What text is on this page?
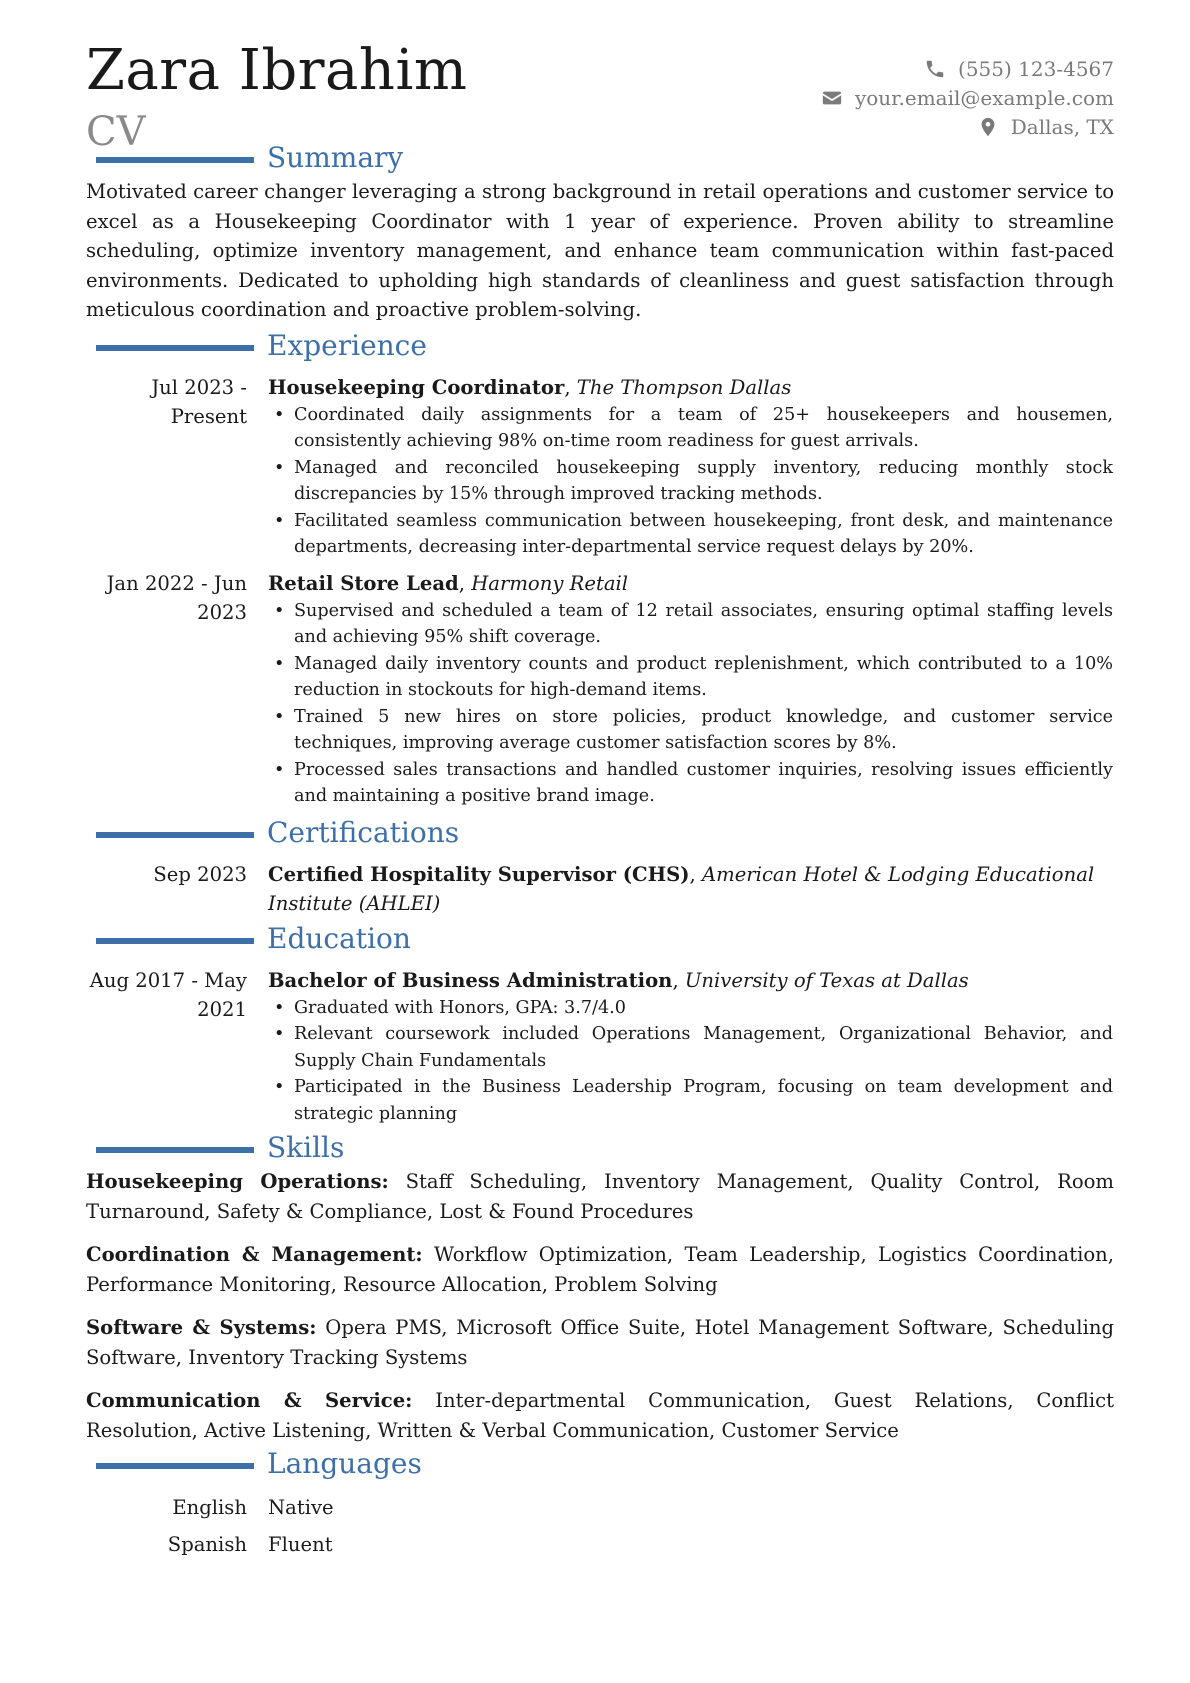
Zara Ibrahim
CV
(555) 123-4567
your.email@example.com
Dallas, TX
Summary

Motivated career changer leveraging a strong background in retail operations and customer service to excel as a Housekeeping Coordinator with 1 year of experience. Proven ability to streamline scheduling, optimize inventory management, and enhance team communication within fast-paced environments. Dedicated to upholding high standards of cleanliness and guest satisfaction through meticulous coordination and proactive problem-solving.

Experience
Jul 2023 - Present
Housekeeping Coordinator, The Thompson Dallas
• Coordinated daily assignments for a team of 25+ housekeepers and housemen, consistently achieving 98% on-time room readiness for guest arrivals.
• Managed and reconciled housekeeping supply inventory, reducing monthly stock discrepancies by 15% through improved tracking methods.
• Facilitated seamless communication between housekeeping, front desk, and maintenance departments, decreasing inter-departmental service request delays by 20%.
Jan 2022 - Jun 2023
Retail Store Lead, Harmony Retail
• Supervised and scheduled a team of 12 retail associates, ensuring optimal staffing levels and achieving 95% shift coverage.
• Managed daily inventory counts and product replenishment, which contributed to a 10% reduction in stockouts for high-demand items.
• Trained 5 new hires on store policies, product knowledge, and customer service techniques, improving average customer satisfaction scores by 8%.
• Processed sales transactions and handled customer inquiries, resolving issues efficiently and maintaining a positive brand image.
Certifications
Sep 2023 Certified Hospitality Supervisor (CHS), American Hotel & Lodging Educational Institute (AHLEI)
Education
Aug 2017 - May 2021
Bachelor of Business Administration, University of Texas at Dallas
• Graduated with Honors, GPA: 3.7/4.0
• Relevant coursework included Operations Management, Organizational Behavior, and Supply Chain Fundamentals
• Participated in the Business Leadership Program, focusing on team development and strategic planning
Skills
Housekeeping Operations: Staff Scheduling, Inventory Management, Quality Control, Room Turnaround, Safety & Compliance, Lost & Found Procedures
Coordination & Management: Workflow Optimization, Team Leadership, Logistics Coordination, Performance Monitoring, Resource Allocation, Problem Solving
Software & Systems: Opera PMS, Microsoft Office Suite, Hotel Management Software, Scheduling Software, Inventory Tracking Systems
Communication & Service: Inter-departmental Communication, Guest Relations, Conflict Resolution, Active Listening, Written & Verbal Communication, Customer Service
Languages
English Native
Spanish Fluent
